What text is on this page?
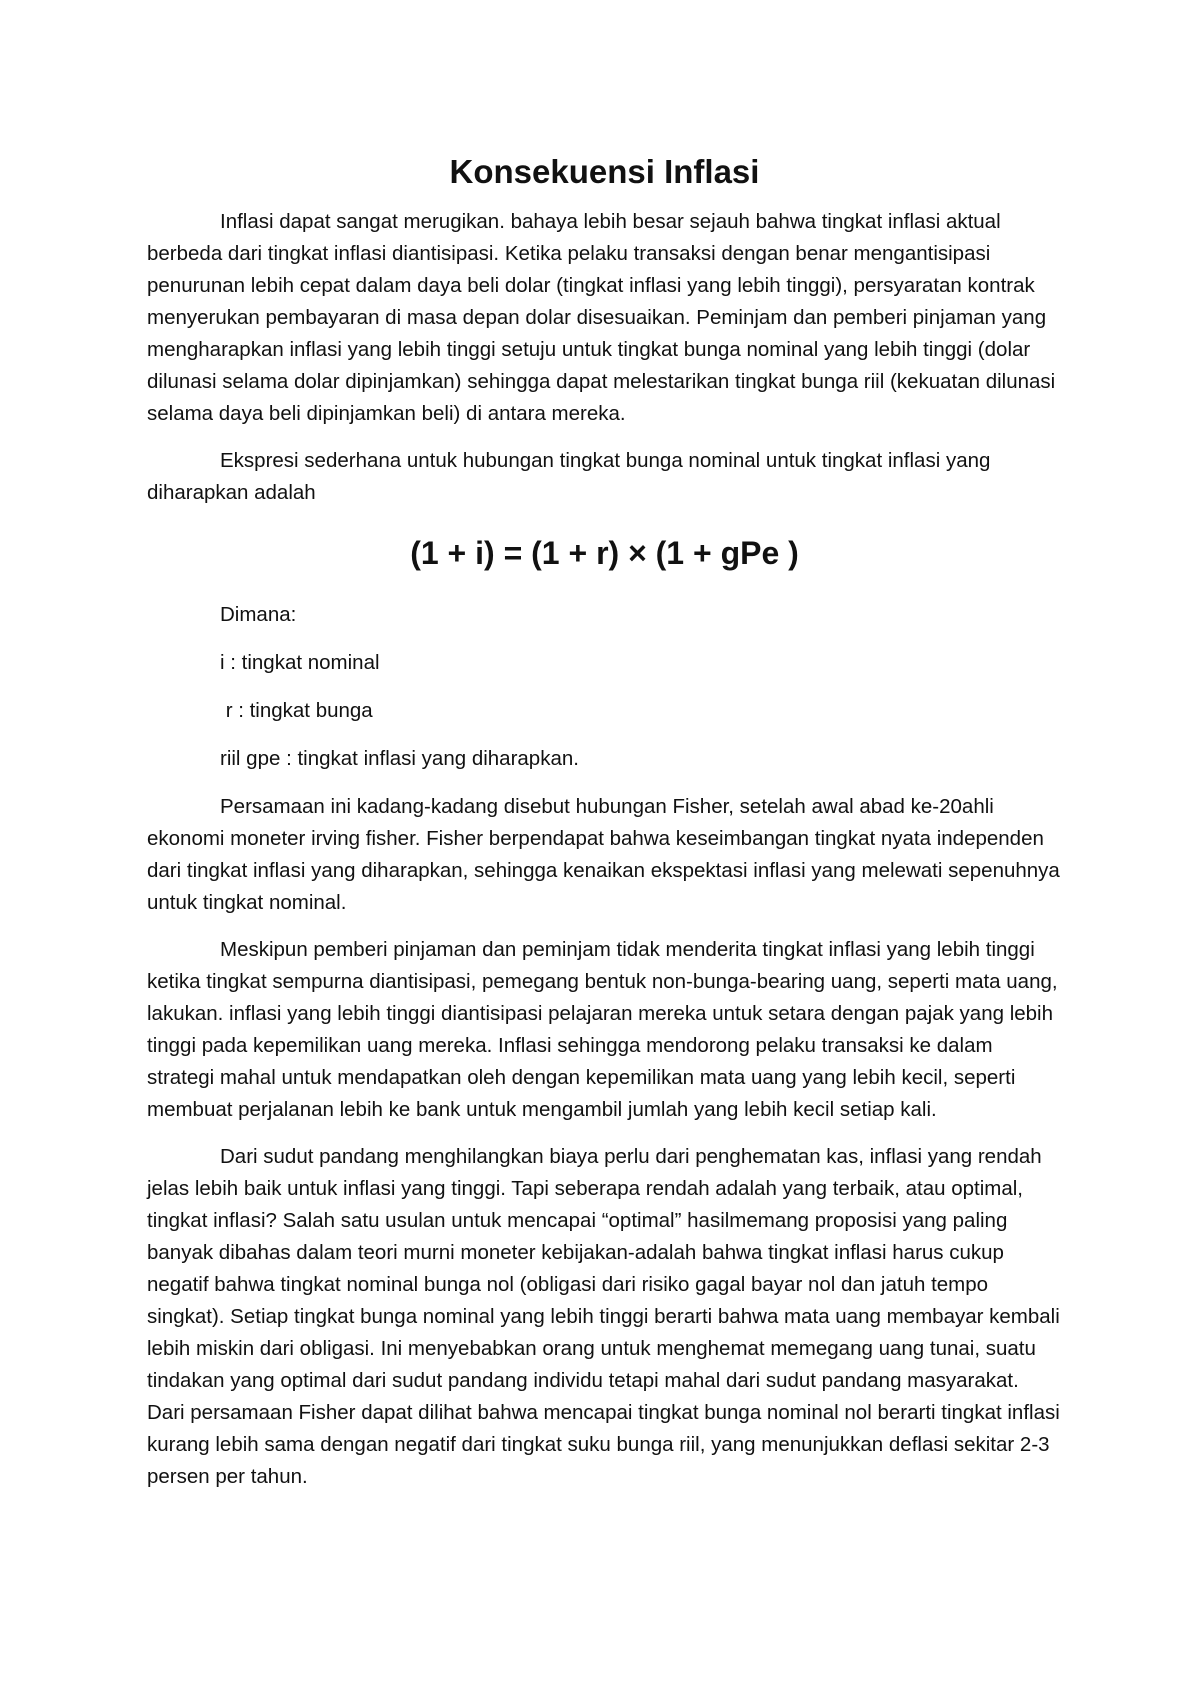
Konsekuensi Inflasi

Inflasi dapat sangat merugikan. bahaya lebih besar sejauh bahwa tingkat inflasi aktual berbeda dari tingkat inflasi diantisipasi. Ketika pelaku transaksi dengan benar mengantisipasi penurunan lebih cepat dalam daya beli dolar (tingkat inflasi yang lebih tinggi), persyaratan kontrak menyerukan pembayaran di masa depan dolar disesuaikan. Peminjam dan pemberi pinjaman yang mengharapkan inflasi yang lebih tinggi setuju untuk tingkat bunga nominal yang lebih tinggi (dolar dilunasi selama dolar dipinjamkan) sehingga dapat melestarikan tingkat bunga riil (kekuatan dilunasi selama daya beli dipinjamkan beli) di antara mereka.

Ekspresi sederhana untuk hubungan tingkat bunga nominal untuk tingkat inflasi yang diharapkan adalah

(1 + i) = (1 + r) × (1 + gPe )

Dimana:

i : tingkat nominal

r : tingkat bunga

riil gpe : tingkat inflasi yang diharapkan.

Persamaan ini kadang-kadang disebut hubungan Fisher, setelah awal abad ke-20ahli ekonomi moneter irving fisher. Fisher berpendapat bahwa keseimbangan tingkat nyata independen dari tingkat inflasi yang diharapkan, sehingga kenaikan ekspektasi inflasi yang melewati sepenuhnya untuk tingkat nominal.

Meskipun pemberi pinjaman dan peminjam tidak menderita tingkat inflasi yang lebih tinggi ketika tingkat sempurna diantisipasi, pemegang bentuk non-bunga-bearing uang, seperti mata uang, lakukan. inflasi yang lebih tinggi diantisipasi pelajaran mereka untuk setara dengan pajak yang lebih tinggi pada kepemilikan uang mereka. Inflasi sehingga mendorong pelaku transaksi ke dalam strategi mahal untuk mendapatkan oleh dengan kepemilikan mata uang yang lebih kecil, seperti membuat perjalanan lebih ke bank untuk mengambil jumlah yang lebih kecil setiap kali.

Dari sudut pandang menghilangkan biaya perlu dari penghematan kas, inflasi yang rendah jelas lebih baik untuk inflasi yang tinggi. Tapi seberapa rendah adalah yang terbaik, atau optimal, tingkat inflasi? Salah satu usulan untuk mencapai “optimal” hasilmemang proposisi yang paling banyak dibahas dalam teori murni moneter kebijakan-adalah bahwa tingkat inflasi harus cukup negatif bahwa tingkat nominal bunga nol (obligasi dari risiko gagal bayar nol dan jatuh tempo singkat). Setiap tingkat bunga nominal yang lebih tinggi berarti bahwa mata uang membayar kembali lebih miskin dari obligasi. Ini menyebabkan orang untuk menghemat memegang uang tunai, suatu tindakan yang optimal dari sudut pandang individu tetapi mahal dari sudut pandang masyarakat. Dari persamaan Fisher dapat dilihat bahwa mencapai tingkat bunga nominal nol berarti tingkat inflasi kurang lebih sama dengan negatif dari tingkat suku bunga riil, yang menunjukkan deflasi sekitar 2-3 persen per tahun.
